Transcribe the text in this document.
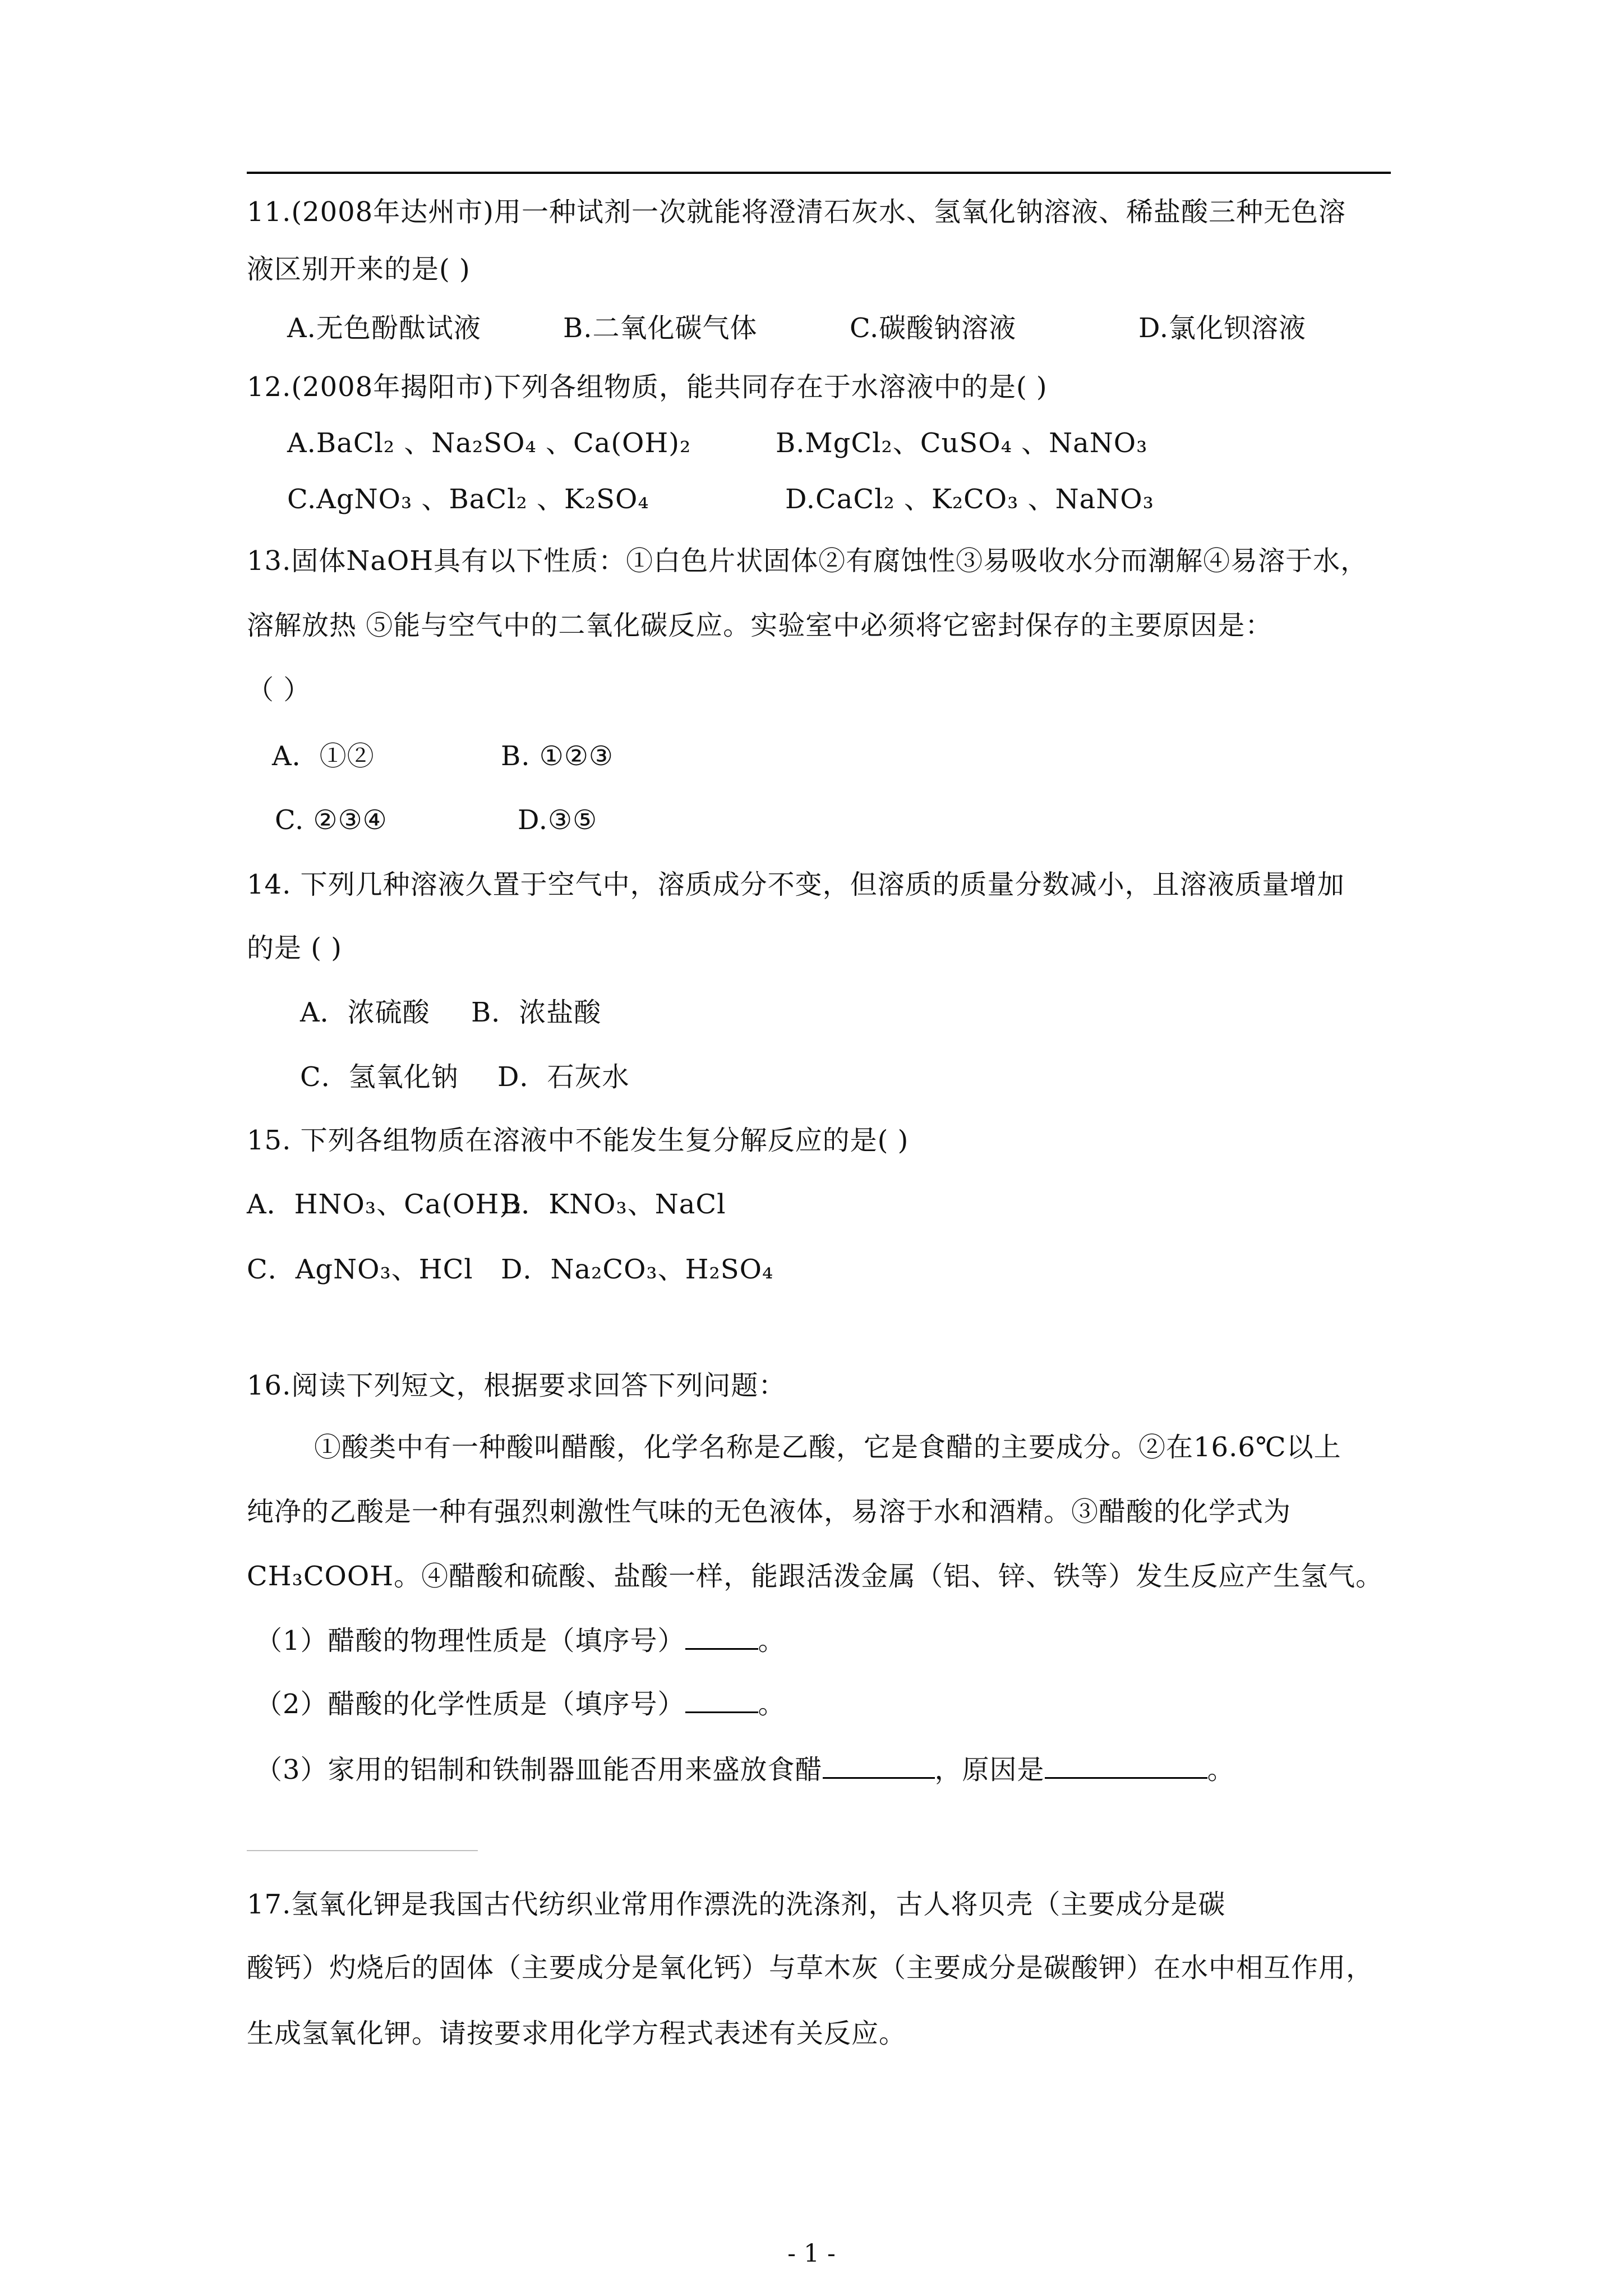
11.(2008年达州市)用一种试剂一次就能将澄清石灰水、氢氧化钠溶液、稀盐酸三种无色溶
液区别开来的是( )
A.无色酚酞试液	B.二氧化碳气体	C.碳酸钠溶液	D.氯化钡溶液
12.(2008年揭阳市)下列各组物质，能共同存在于水溶液中的是( )
A.BaCl₂ 、Na₂SO₄ 、Ca(OH)₂	B.MgCl₂、CuSO₄ 、NaNO₃
C.AgNO₃ 、BaCl₂ 、K₂SO₄	D.CaCl₂ 、K₂CO₃ 、NaNO₃
13.固体NaOH具有以下性质：①白色片状固体②有腐蚀性③易吸收水分而潮解④易溶于水，
溶解放热 ⑤能与空气中的二氧化碳反应。实验室中必须将它密封保存的主要原因是：
（ ）
A．①②	B. ①②③
C. ②③④	D.③⑤
14. 下列几种溶液久置于空气中，溶质成分不变，但溶质的质量分数减小，且溶液质量增加
的是 ( )
A．浓硫酸 B．浓盐酸
C．氢氧化钠 D．石灰水
15. 下列各组物质在溶液中不能发生复分解反应的是( )
A．HNO₃、Ca(OH)₂
B．KNO₃、NaCl
C．AgNO₃、HCl D．Na₂CO₃、H₂SO₄
16.阅读下列短文，根据要求回答下列问题：
①酸类中有一种酸叫醋酸，化学名称是乙酸，它是食醋的主要成分。②在16.6℃以上
纯净的乙酸是一种有强烈刺激性气味的无色液体，易溶于水和酒精。③醋酸的化学式为
CH₃COOH。④醋酸和硫酸、盐酸一样，能跟活泼金属（铝、锌、铁等）发生反应产生氢气。
（1）醋酸的物理性质是（填序号）	。
（2）醋酸的化学性质是（填序号）	。
（3）家用的铝制和铁制器皿能否用来盛放食醋	，原因是	。
17.氢氧化钾是我国古代纺织业常用作漂洗的洗涤剂，古人将贝壳（主要成分是碳
酸钙）灼烧后的固体（主要成分是氧化钙）与草木灰（主要成分是碳酸钾）在水中相互作用，
生成氢氧化钾。请按要求用化学方程式表述有关反应。
- 1 -
